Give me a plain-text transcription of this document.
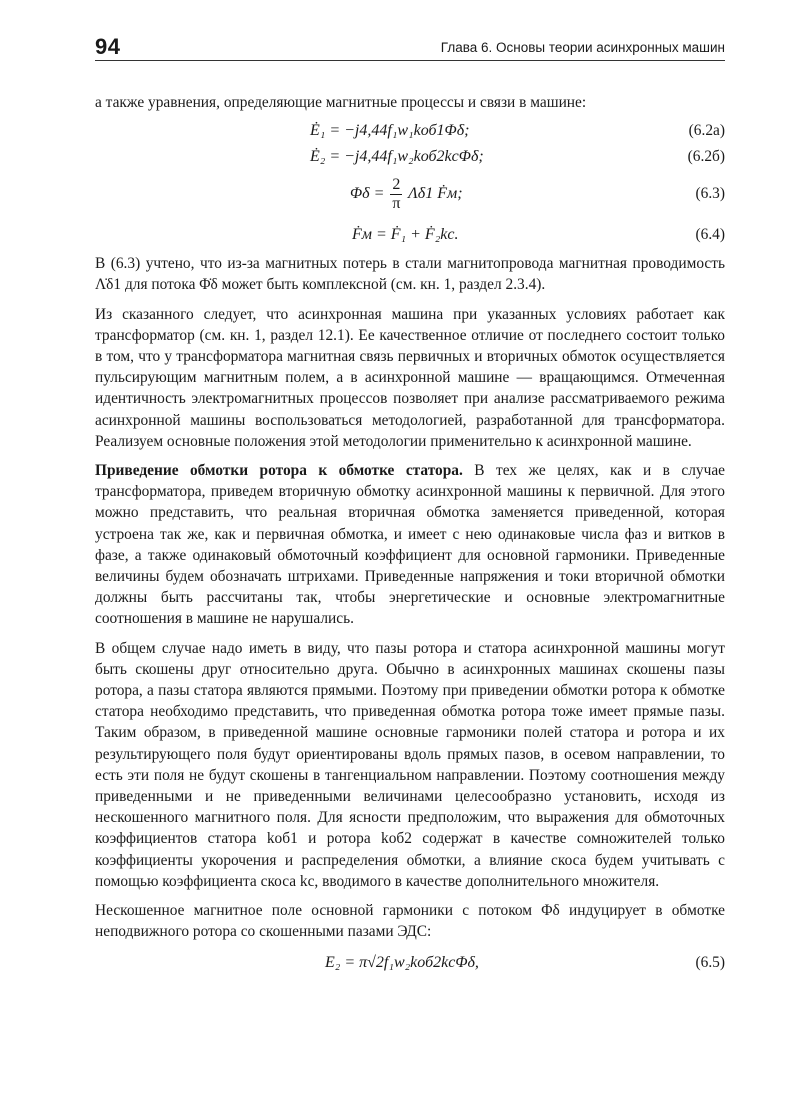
94	Глава 6. Основы теории асинхронных машин

а также уравнения, определяющие магнитные процессы и связи в машине:

Ė₁ = −j4,44f₁w₁kоб1Φ̇δ;	(6.2а)
Ė₂ = −j4,44f₁w₂kоб2kсΦ̇δ;	(6.2б)
Φ̇δ = $\frac{2}{\pi}$ Λ̇δ1 Ḟм;	(6.3)
Ḟм = Ḟ₁ + Ḟ₂kс.	(6.4)

В (6.3) учтено, что из-за магнитных потерь в стали магнитопровода магнитная проводимость Λ̇δ1 для потока Φ̇δ может быть комплексной (см. кн. 1, раздел 2.3.4).

Из сказанного следует, что асинхронная машина при указанных условиях работает как трансформатор (см. кн. 1, раздел 12.1). Ее качественное отличие от последнего состоит только в том, что у трансформатора магнитная связь первичных и вторичных обмоток осуществляется пульсирующим магнитным полем, а в асинхронной машине — вращающимся. Отмеченная идентичность электромагнитных процессов позволяет при анализе рассматриваемого режима асинхронной машины воспользоваться методологией, разработанной для трансформатора. Реализуем основные положения этой методологии применительно к асинхронной машине.

Приведение обмотки ротора к обмотке статора. В тех же целях, как и в случае трансформатора, приведем вторичную обмотку асинхронной машины к первичной. Для этого можно представить, что реальная вторичная обмотка заменяется приведенной, которая устроена так же, как и первичная обмотка, и имеет с нею одинаковые числа фаз и витков в фазе, а также одинаковый обмоточный коэффициент для основной гармоники. Приведенные величины будем обозначать штрихами. Приведенные напряжения и токи вторичной обмотки должны быть рассчитаны так, чтобы энергетические и основные электромагнитные соотношения в машине не нарушались.

В общем случае надо иметь в виду, что пазы ротора и статора асинхронной машины могут быть скошены друг относительно друга. Обычно в асинхронных машинах скошены пазы ротора, а пазы статора являются прямыми. Поэтому при приведении обмотки ротора к обмотке статора необходимо представить, что приведенная обмотка ротора тоже имеет прямые пазы. Таким образом, в приведенной машине основные гармоники полей статора и ротора и их результирующего поля будут ориентированы вдоль прямых пазов, в осевом направлении, то есть эти поля не будут скошены в тангенциальном направлении. Поэтому соотношения между приведенными и не приведенными величинами целесообразно установить, исходя из нескошенного магнитного поля. Для ясности предположим, что выражения для обмоточных коэффициентов статора kоб1 и ротора kоб2 содержат в качестве сомножителей только коэффициенты укорочения и распределения обмотки, а влияние скоса будем учитывать с помощью коэффициента скоса kс, вводимого в качестве дополнительного множителя.

Нескошенное магнитное поле основной гармоники с потоком Φδ индуцирует в обмотке неподвижного ротора со скошенными пазами ЭДС:

E₂ = π√2f₁w₂kоб2kсΦδ,	(6.5)
